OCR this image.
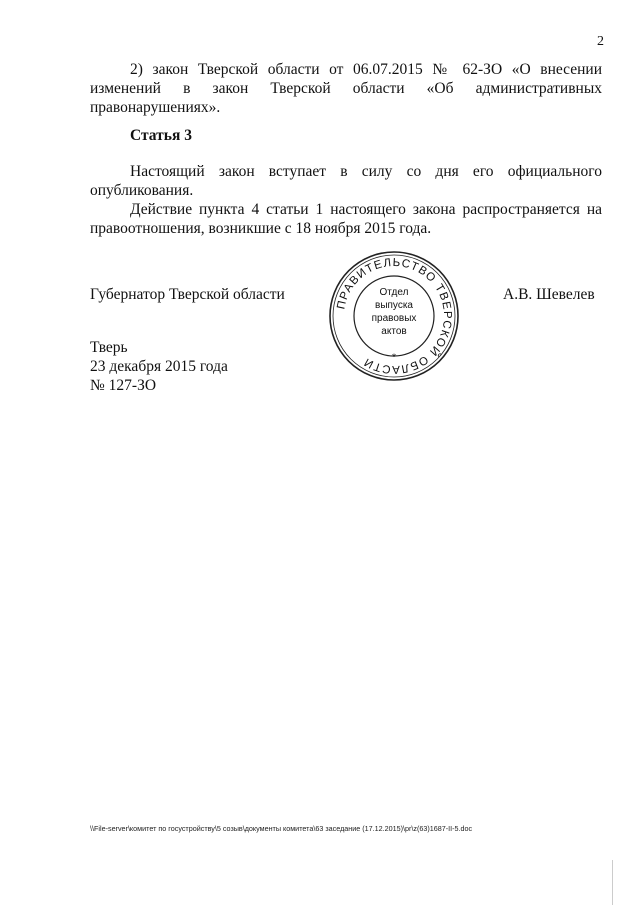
2

2) закон Тверской области от 06.07.2015 № 62-ЗО «О внесении изменений в закон Тверской области «Об административных правонарушениях».

Статья 3

Настоящий закон вступает в силу со дня его официального опубликования.

Действие пункта 4 статьи 1 настоящего закона распространяется на правоотношения, возникшие с 18 ноября 2015 года.

Губернатор Тверской области
ПРАВИТЕЛЬСТВО ТВЕРСКОЙ ОБЛАСТИ	*
Отдел
выпуска
правовых
актов
А.В. Шевелев
Тверь
23 декабря 2015 года
№ 127-ЗО
\\File-server\комитет по госустройству\5 созыв\документы комитета\63 заседание (17.12.2015)\pr\z(63)1687-II-5.doc
